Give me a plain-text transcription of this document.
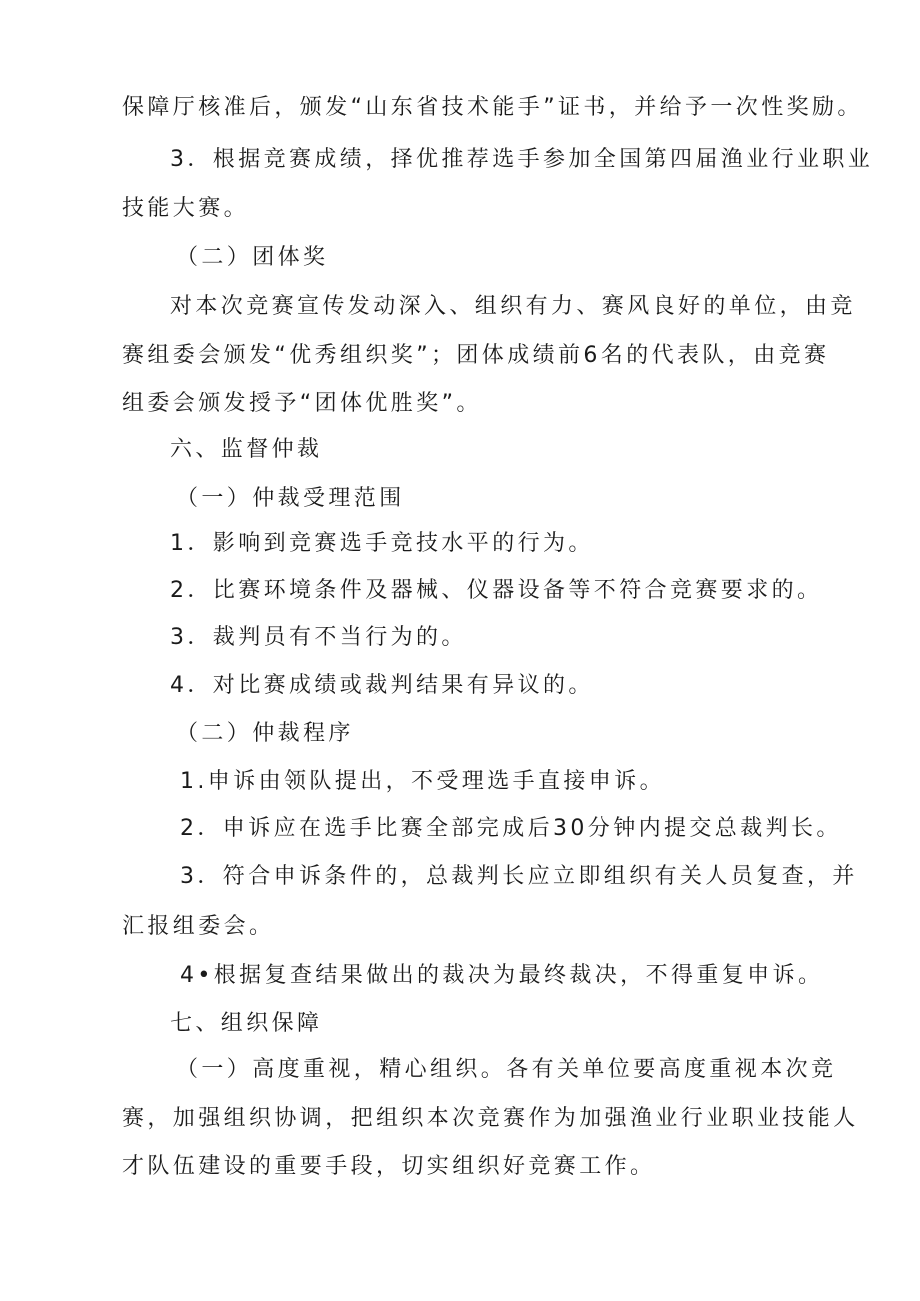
保障厅核准后，颁发“山东省技术能手”证书，并给予一次性奖励。
3．根据竞赛成绩，择优推荐选手参加全国第四届渔业行业职业
技能大赛。
（二）团体奖
对本次竞赛宣传发动深入、组织有力、赛风良好的单位，由竞
赛组委会颁发“优秀组织奖”；团体成绩前6名的代表队，由竞赛
组委会颁发授予“团体优胜奖”。
六、监督仲裁
（一）仲裁受理范围
1．影响到竞赛选手竞技水平的行为。
2．比赛环境条件及器械、仪器设备等不符合竞赛要求的。
3．裁判员有不当行为的。
4．对比赛成绩或裁判结果有异议的。
（二）仲裁程序
1.申诉由领队提出，不受理选手直接申诉。
2．申诉应在选手比赛全部完成后30分钟内提交总裁判长。
3．符合申诉条件的，总裁判长应立即组织有关人员复查，并
汇报组委会。
4•根据复查结果做出的裁决为最终裁决，不得重复申诉。
七、组织保障
（一）高度重视，精心组织。各有关单位要高度重视本次竞
赛，加强组织协调，把组织本次竞赛作为加强渔业行业职业技能人
才队伍建设的重要手段，切实组织好竞赛工作。
